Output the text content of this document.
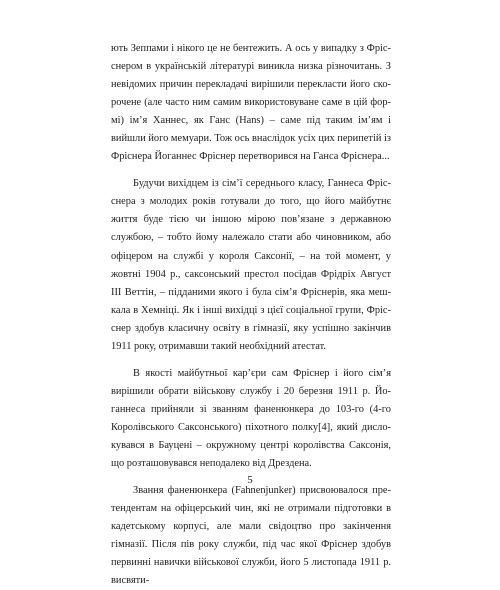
ють Зеппами і нікого це не бентежить. А ось у випадку з Фрісснером в українській літературі виникла низка різночитань. З невідомих причин перекладачі вирішили перекласти його скорочене (але часто ним самим використовуване саме в цій формі) ім’я Ханнес, як Ганс (Hans) – саме під таким ім’ям і вийшли його мемуари. Тож ось внаслідок усіх цих перипетій із Фріснера Йоганнес Фріснер перетворився на Ганса Фріснера...

Будучи вихідцем із сім’ї середнього класу, Ганнеса Фрісснера з молодих років готували до того, що його майбутнє життя буде тією чи іншою мірою пов’язане з державною службою, – тобто йому належало стати або чиновником, або офіцером на службі у короля Саксонії, – на той момент, у жовтні 1904 р., саксонський престол посідав Фрідріх Август ІІІ Веттін, – підданими якого і була сім’я Фріснерів, яка мешкала в Хемніці. Як і інші вихідці з цієї соціальної групи, Фрісснер здобув класичну освіту в гімназії, яку успішно закінчив 1911 року, отримавши такий необхідний атестат.

В якості майбутньої кар’єри сам Фріснер і його сім’я вирішили обрати військову службу і 20 березня 1911 р. Йоганнеса прийняли зі званням фаненюнкера до 103-го (4-го Королівського Саксонського) піхотного полку[4], який дислокувався в Бауцені – окружному центрі королівства Саксонія, що розташовувався неподалеко від Дрездена.

Звання фаненюнкера (Fahnenjunker) присвоювалося претендентам на офіцерський чин, які не отримали підготовки в кадетському корпусі, але мали свідоцтво про закінчення гімназії. Після пів року служби, під час якої Фріснер здобув первинні навички військової служби, його 5 листопада 1911 р. висвяти-

5
